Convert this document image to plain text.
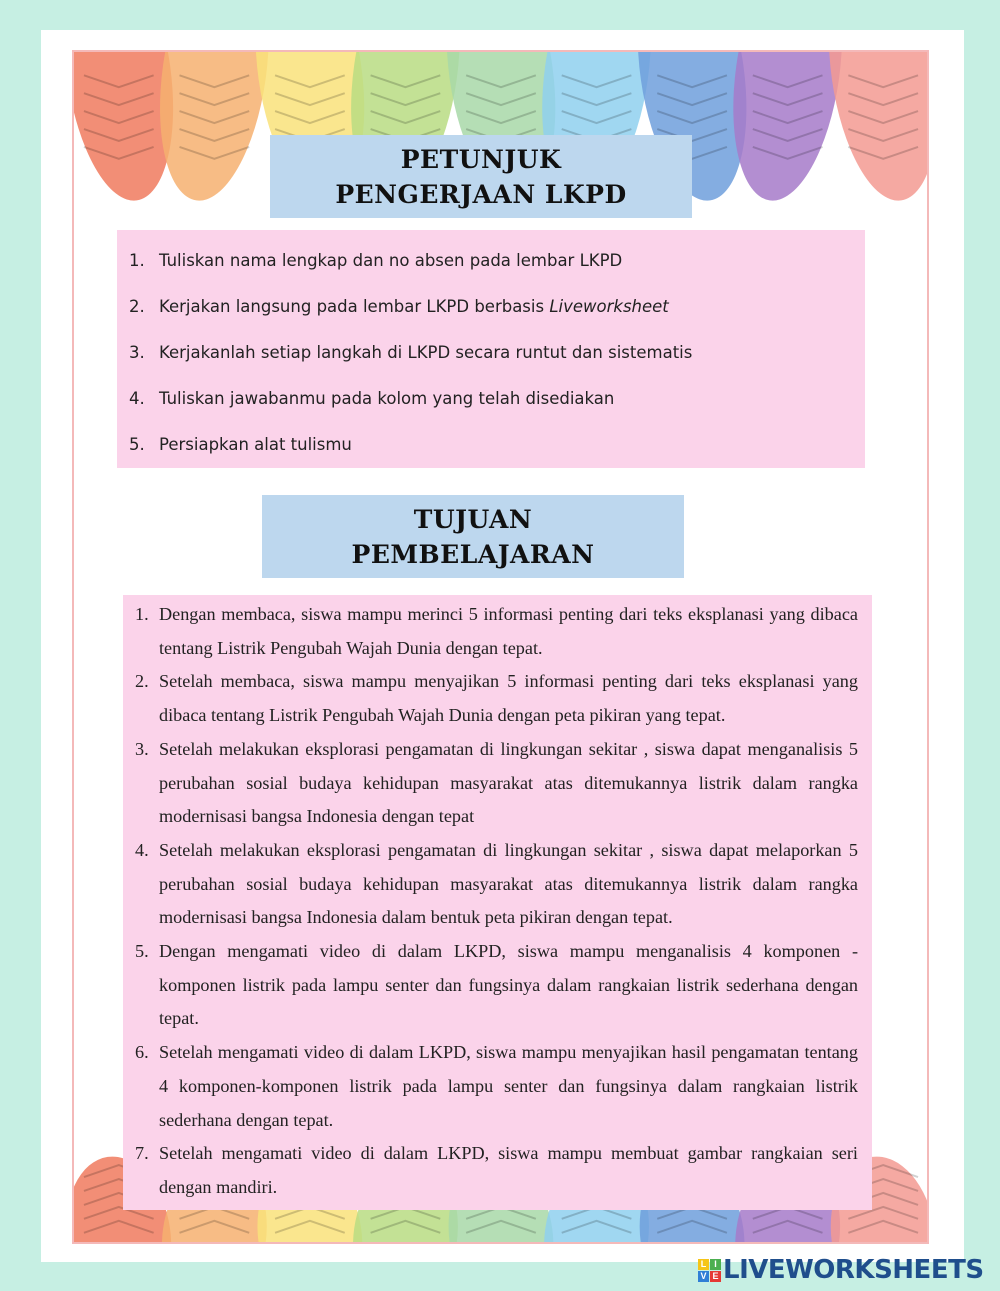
PETUNJUK
PENGERJAAN LKPD
1. Tuliskan nama lengkap dan no absen pada lembar LKPD
2. Kerjakan langsung pada lembar LKPD berbasis Liveworksheet
3. Kerjakanlah setiap langkah di LKPD secara runtut dan sistematis
4. Tuliskan jawabanmu pada kolom yang telah disediakan
5. Persiapkan alat tulismu
TUJUAN
PEMBELAJARAN
1. Dengan membaca, siswa mampu merinci 5 informasi penting dari teks eksplanasi yang dibaca tentang Listrik Pengubah Wajah Dunia dengan tepat.
2. Setelah membaca, siswa mampu menyajikan 5 informasi penting dari teks eksplanasi yang dibaca tentang Listrik Pengubah Wajah Dunia dengan peta pikiran yang tepat.
3. Setelah melakukan eksplorasi pengamatan di lingkungan sekitar , siswa dapat menganalisis 5 perubahan sosial budaya kehidupan masyarakat atas ditemukannya listrik dalam rangka modernisasi bangsa Indonesia dengan tepat
4. Setelah melakukan eksplorasi pengamatan di lingkungan sekitar , siswa dapat melaporkan 5 perubahan sosial budaya kehidupan masyarakat atas ditemukannya listrik dalam rangka modernisasi bangsa Indonesia dalam bentuk peta pikiran dengan tepat.
5. Dengan mengamati video di dalam LKPD, siswa mampu menganalisis 4 komponen - komponen listrik pada lampu senter dan fungsinya dalam rangkaian listrik sederhana dengan tepat.
6. Setelah mengamati video di dalam LKPD, siswa mampu menyajikan hasil pengamatan tentang 4 komponen-komponen listrik pada lampu senter dan fungsinya dalam rangkaian listrik sederhana dengan tepat.
7. Setelah mengamati video di dalam LKPD, siswa mampu membuat gambar rangkaian seri dengan mandiri.
L I
V E LIVEWORKSHEETS
